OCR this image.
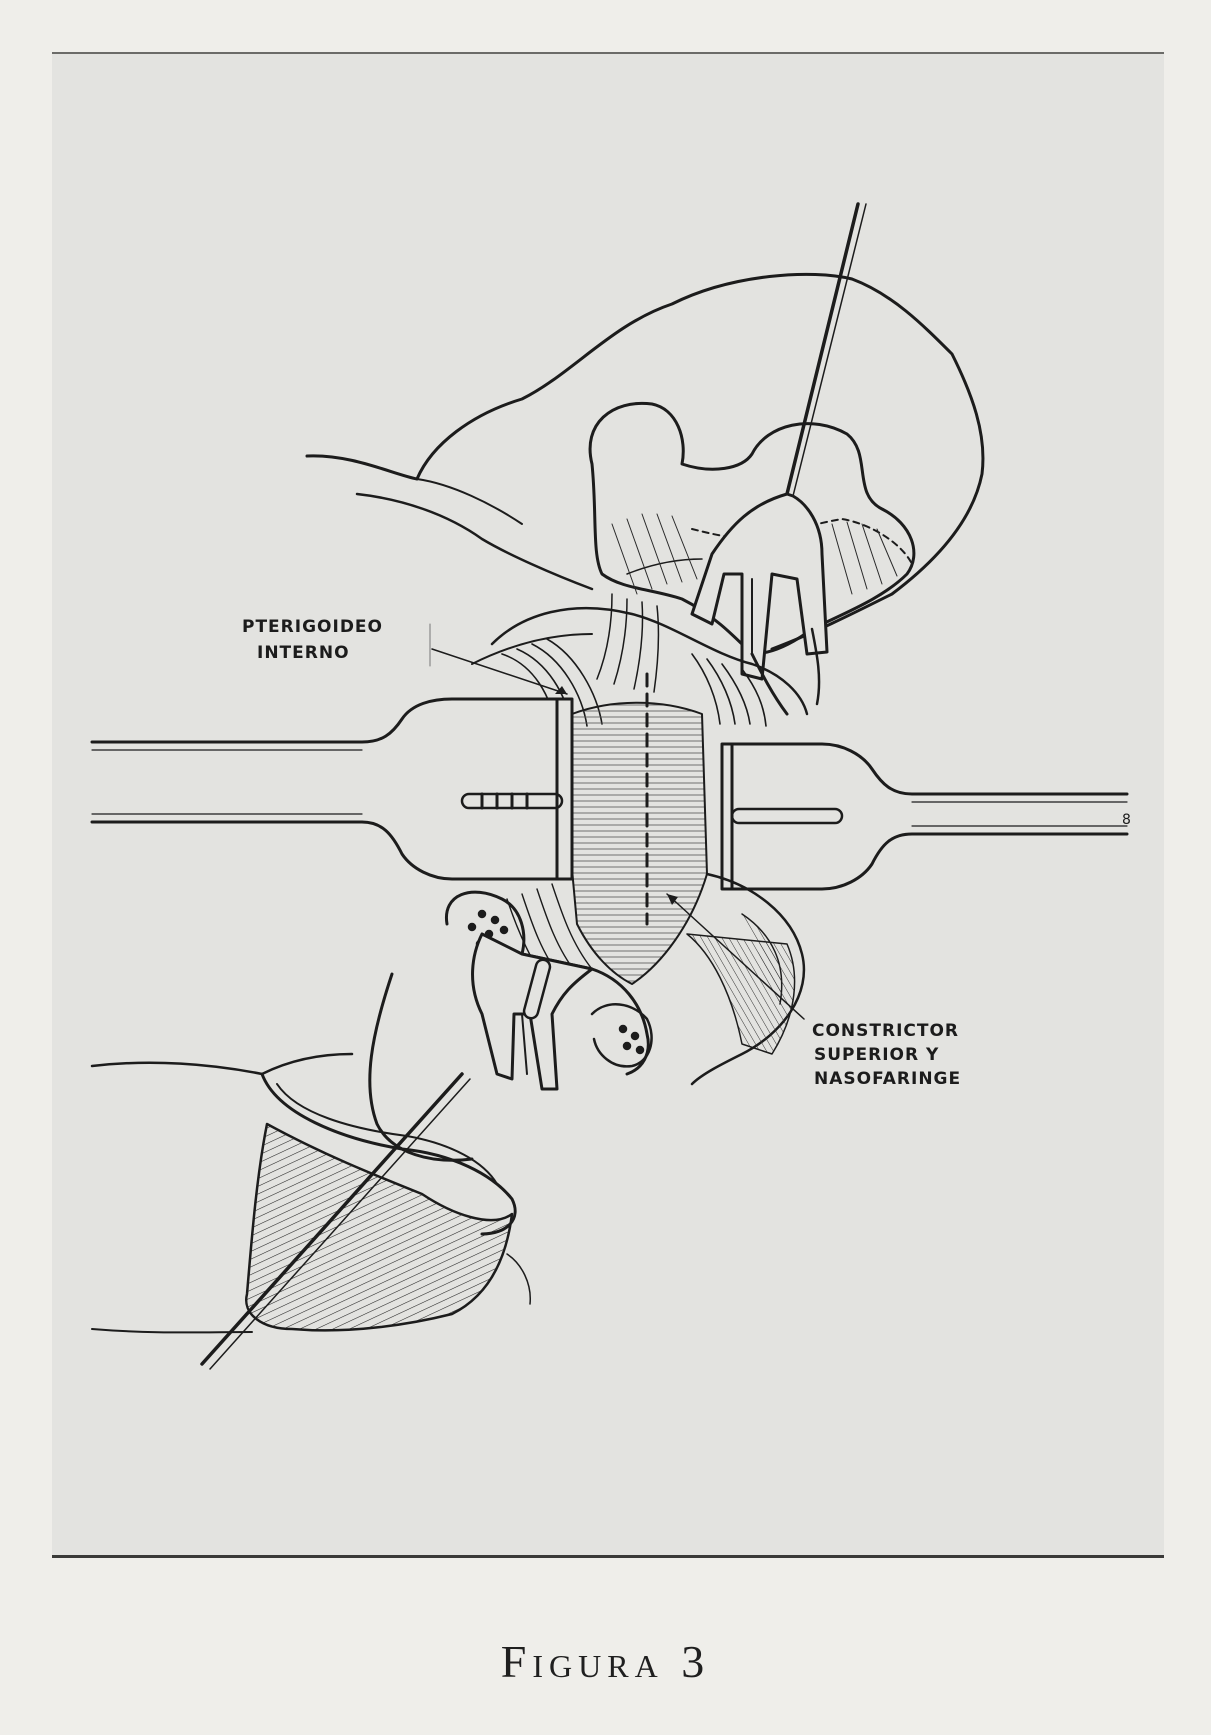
8
PTERIGOIDEO
INTERNO
CONSTRICTOR
SUPERIOR Y
NASOFARINGE
Figura 3
